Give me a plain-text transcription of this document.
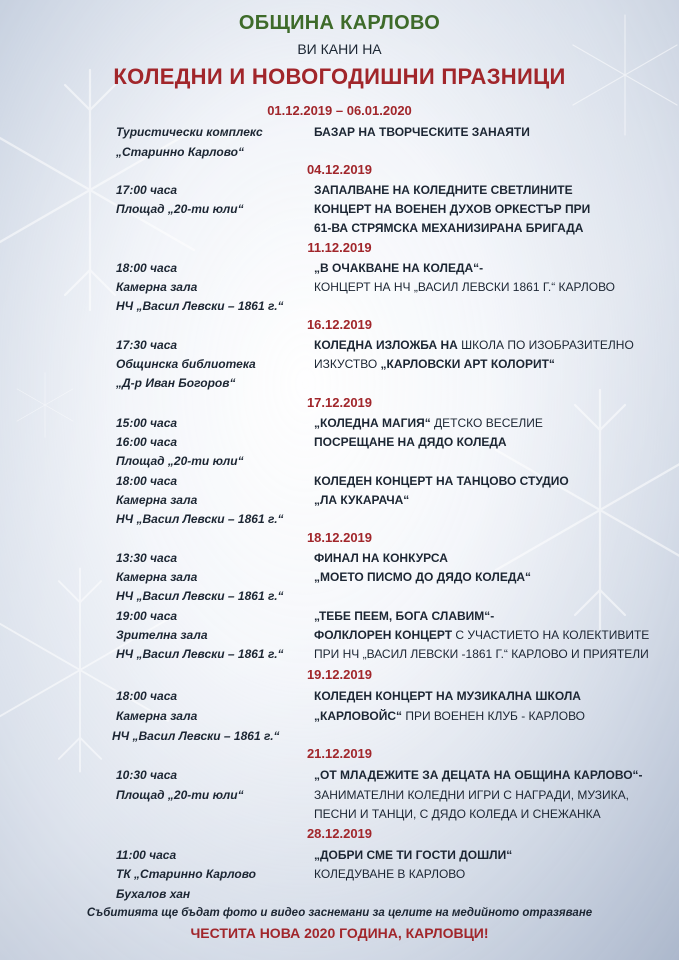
ОБЩИНА КАРЛОВО
ВИ КАНИ НА
КОЛЕДНИ И НОВОГОДИШНИ ПРАЗНИЦИ
01.12.2019 – 06.01.2020
Туристически комплекс	БАЗАР НА ТВОРЧЕСКИТЕ ЗАНАЯТИ
„Старинно Карлово“
04.12.2019
17:00 часа	ЗАПАЛВАНЕ НА КОЛЕДНИТЕ СВЕТЛИНИТЕ
Площад „20-ти юли“	КОНЦЕРТ НА ВОЕНЕН ДУХОВ ОРКЕСТЪР ПРИ
61-ВА СТРЯМСКА МЕХАНИЗИРАНА БРИГАДА
11.12.2019
18:00 часа	„В ОЧАКВАНЕ НА КОЛЕДА“-
Камерна зала	КОНЦЕРТ НА НЧ „ВАСИЛ ЛЕВСКИ 1861 Г.“ КАРЛОВО
НЧ „Васил Левски – 1861 г.“
16.12.2019
17:30 часа	КОЛЕДНА ИЗЛОЖБА НА ШКОЛА ПО ИЗОБРАЗИТЕЛНО
Общинска библиотека	ИЗКУСТВО „КАРЛОВСКИ АРТ КОЛОРИТ“
„Д-р Иван Богоров“
17.12.2019
15:00 часа	„КОЛЕДНА МАГИЯ“ ДЕТСКО ВЕСЕЛИЕ
16:00 часа	ПОСРЕЩАНЕ НА ДЯДО КОЛЕДА
Площад „20-ти юли“
18:00 часа	КОЛЕДЕН КОНЦЕРТ НА ТАНЦОВО СТУДИО
Камерна зала	„ЛА КУКАРАЧА“
НЧ „Васил Левски – 1861 г.“
18.12.2019
13:30 часа	ФИНАЛ НА КОНКУРСА
Камерна зала	„МОЕТО ПИСМО ДО ДЯДО КОЛЕДА“
НЧ „Васил Левски – 1861 г.“
19:00 часа	„ТЕБЕ ПЕЕМ, БОГА СЛАВИМ“-
Зрителна зала	ФОЛКЛОРЕН КОНЦЕРТ С УЧАСТИЕТО НА КОЛЕКТИВИТЕ
НЧ „Васил Левски – 1861 г.“	ПРИ НЧ „ВАСИЛ ЛЕВСКИ -1861 Г.“ КАРЛОВО И ПРИЯТЕЛИ
19.12.2019
18:00 часа	КОЛЕДЕН КОНЦЕРТ НА МУЗИКАЛНА ШКОЛА
Камерна зала	„КАРЛОВОЙС“ ПРИ ВОЕНЕН КЛУБ - КАРЛОВО
НЧ „Васил Левски – 1861 г.“
21.12.2019
10:30 часа	„ОТ МЛАДЕЖИТЕ ЗА ДЕЦАТА НА ОБЩИНА КАРЛОВО“-
Площад „20-ти юли“	ЗАНИМАТЕЛНИ КОЛЕДНИ ИГРИ С НАГРАДИ, МУЗИКА,
ПЕСНИ И ТАНЦИ, С ДЯДО КОЛЕДА И СНЕЖАНКА
28.12.2019
11:00 часа	„ДОБРИ СМЕ ТИ ГОСТИ ДОШЛИ“
ТК „Старинно Карлово	КОЛЕДУВАНЕ В КАРЛОВО
Бухалов хан
Събитията ще бъдат фото и видео заснемани за целите на медийното отразяване
ЧЕСТИТА НОВА 2020 ГОДИНА, КАРЛОВЦИ!
